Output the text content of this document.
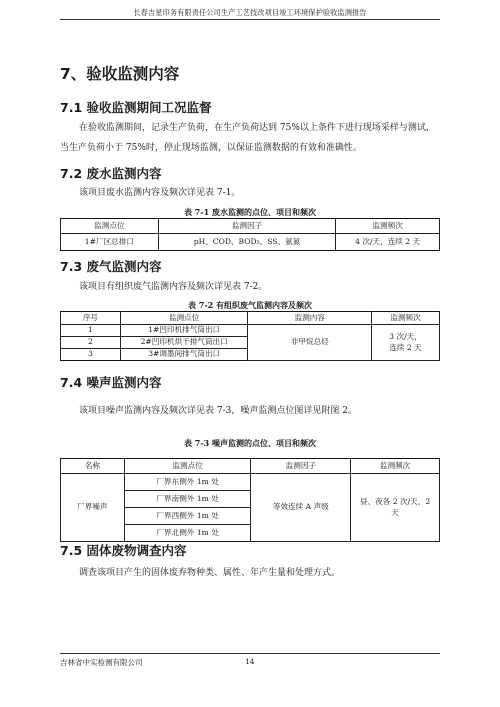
长春吉星印务有限责任公司生产工艺技改项目竣工环境保护验收监测报告
7、验收监测内容
7.1 验收监测期间工况监督

在验收监测期间，记录生产负荷，在生产负荷达到 75%以上条件下进行现场采样与测试，当生产负荷小于 75%时，停止现场监测，以保证监测数据的有效和准确性。

7.2 废水监测内容

该项目废水监测内容及频次详见表 7-1。

表 7-1 废水监测的点位、项目和频次
监测点位	监测因子	监测频次
1#厂区总排口	pH、COD、BOD₅、SS、氨氮	4 次/天，连续 2 天
7.3 废气监测内容

该项目有组织废气监测内容及频次详见表 7-2。

表 7-2 有组织废气监测内容及频次
序号	监测点位	监测内容	监测频次
1	1#凹印机排气筒出口	非甲烷总烃	3 次/天，
连续 2 天

2	2#凹印机烘干排气筒出口		
3	3#调墨间排气筒出口		
7.4 噪声监测内容

该项目噪声监测内容及频次详见表 7-3，噪声监测点位图详见附图 2。

表 7-3 噪声监测的点位、项目和频次
名称	监测点位	监测因子	监测频次
厂界噪声	厂界东侧外 1m 处	等效连续 A 声级	昼、夜各 2 次/天，2
天

	厂界南侧外 1m 处		
	厂界西侧外 1m 处		
	厂界北侧外 1m 处		
7.5 固体废物调查内容

调查该项目产生的固体废弃物种类、属性、年产生量和处理方式。

吉林省中实检测有限公司	14
